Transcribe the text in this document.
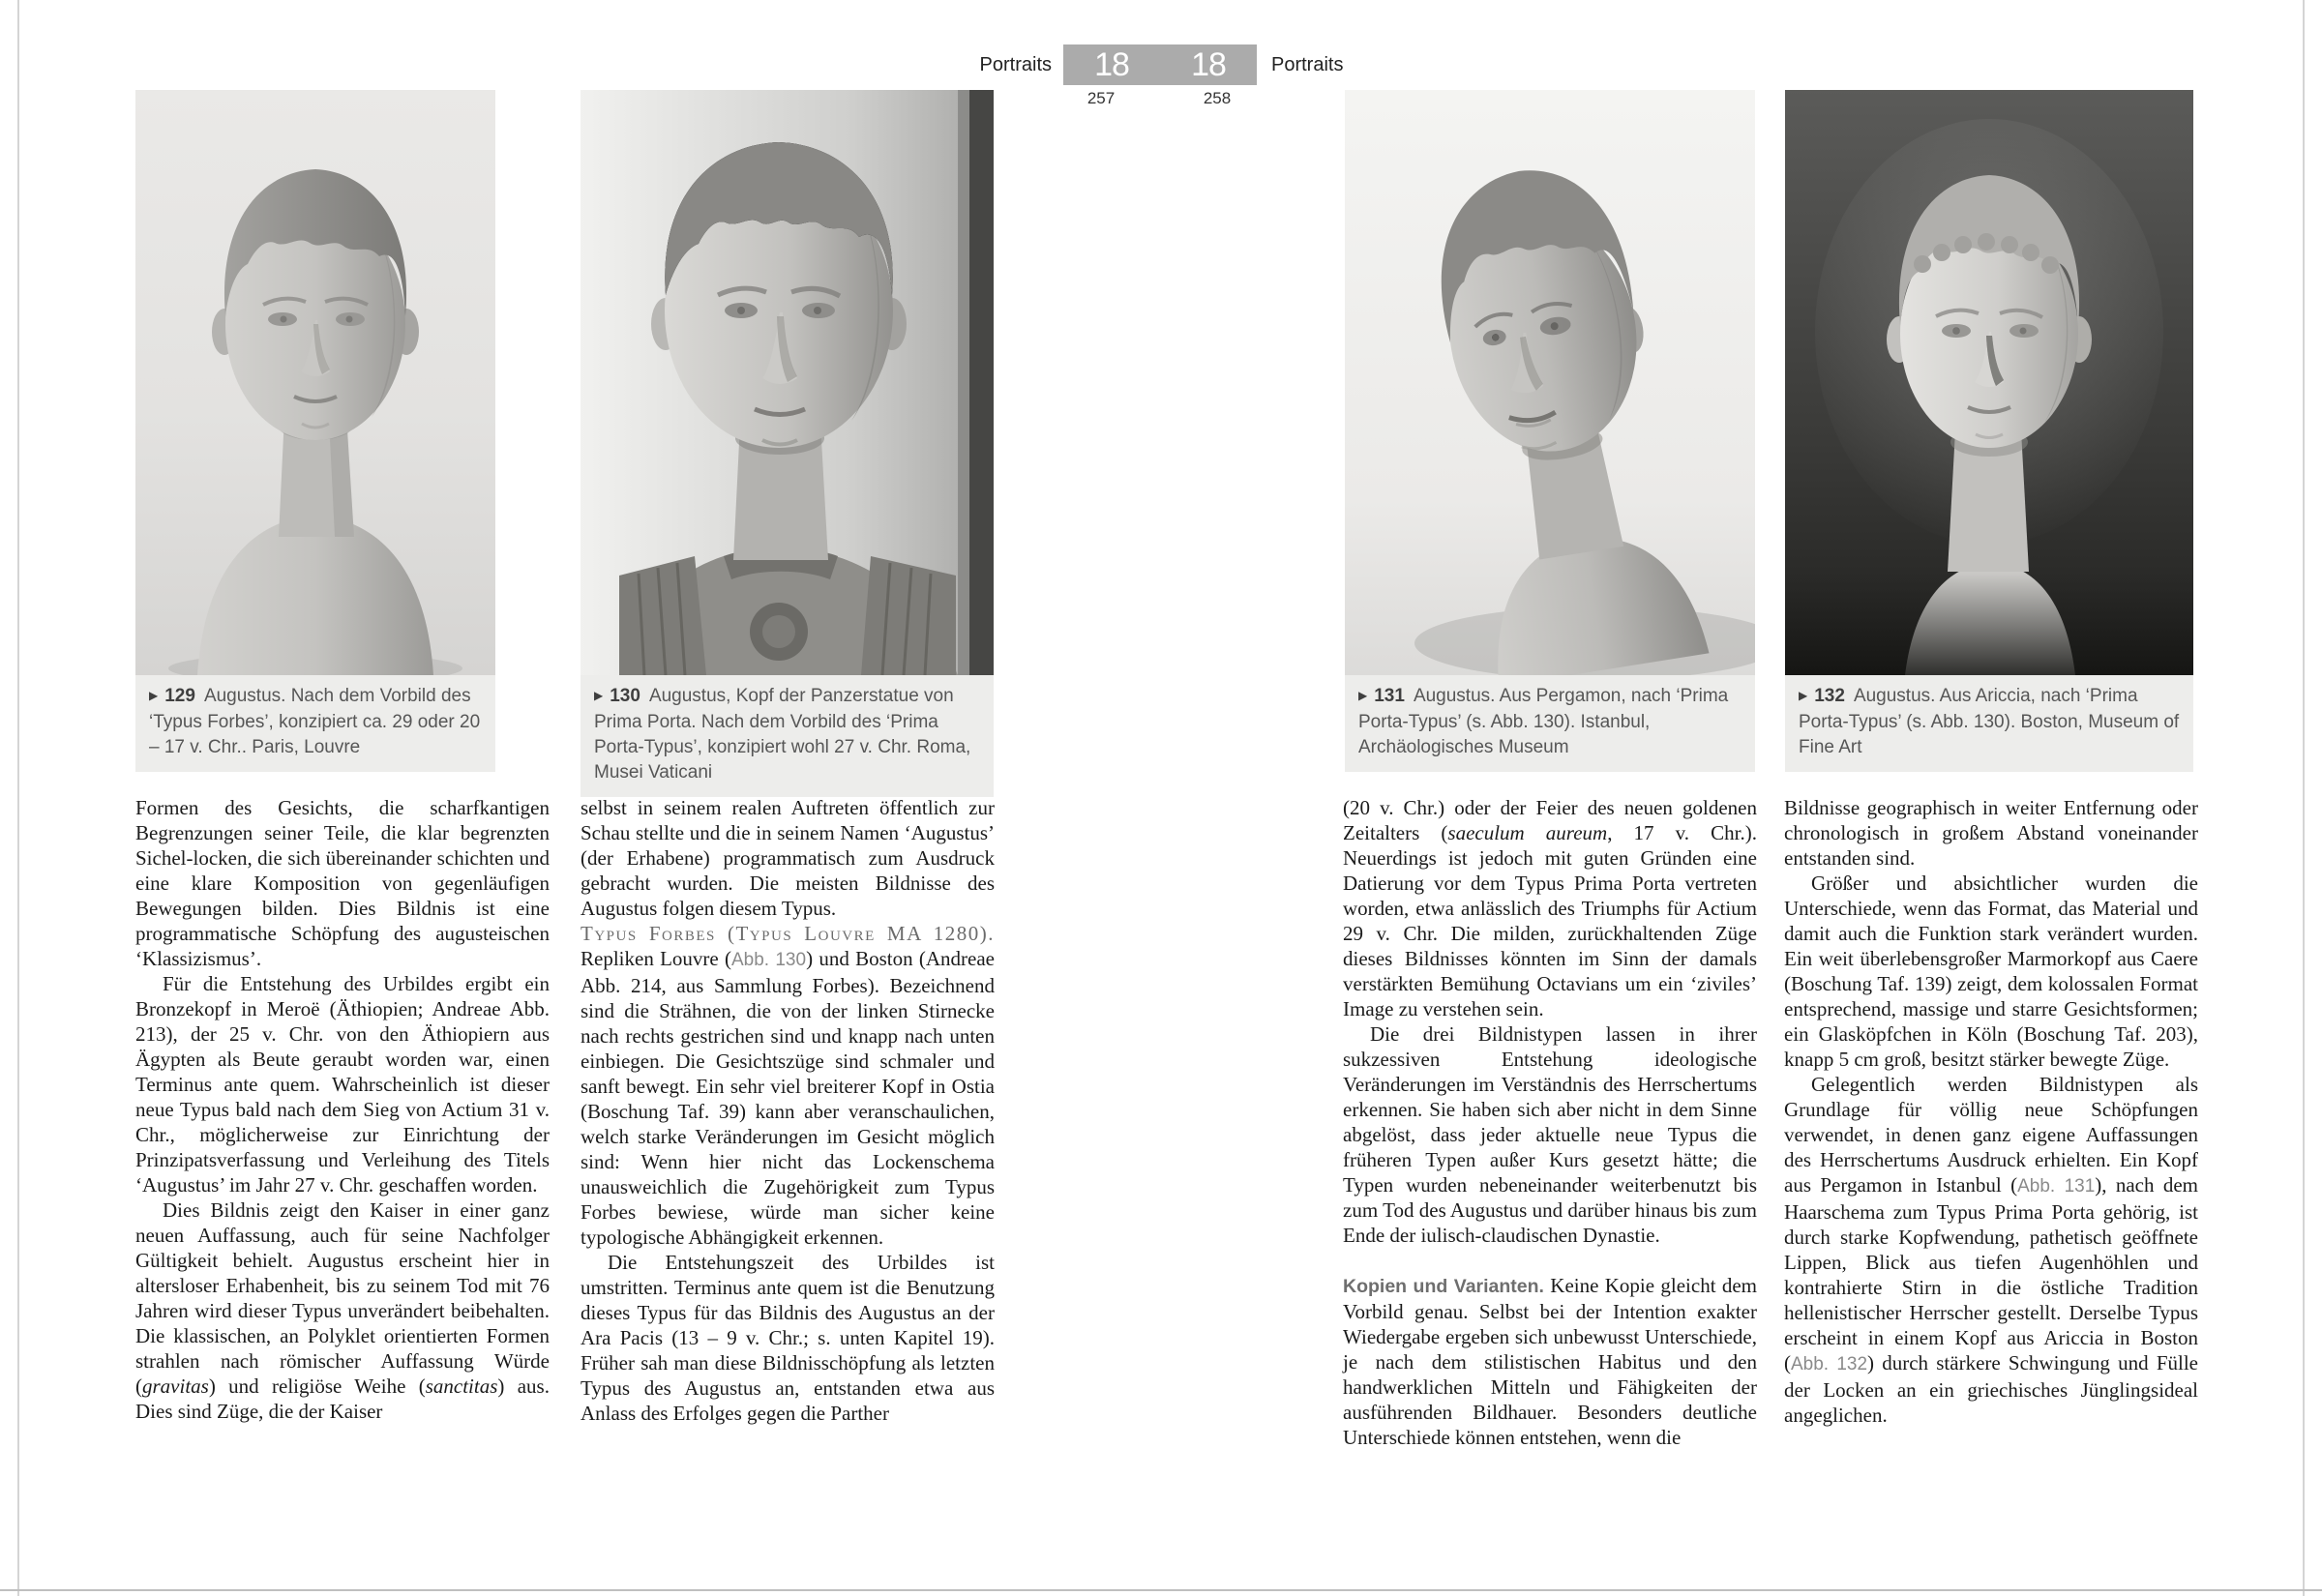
Portraits	18	18	Portraits
257	258
▶ 129 Augustus. Nach dem Vorbild des ‘Typus Forbes’, konzipiert ca. 29 oder 20 – 17 v. Chr.. Paris, Louvre
▶ 130 Augustus, Kopf der Panzerstatue von Prima Porta. Nach dem Vorbild des ‘Prima Porta-Typus’, konzipiert wohl 27 v. Chr. Roma, Musei Vaticani
▶ 131 Augustus. Aus Pergamon, nach ‘Prima Porta-Typus’ (s. Abb. 130). Istanbul, Archäologisches Museum
▶ 132 Augustus. Aus Ariccia, nach ‘Prima Porta-Typus’ (s. Abb. 130). Boston, Museum of Fine Art

Formen des Gesichts, die scharfkantigen Begrenzungen seiner Teile, die klar begrenzten Sichel-locken, die sich übereinander schichten und eine klare Komposition von gegenläufigen Bewegungen bilden. Dies Bildnis ist eine programmatische Schöpfung des augusteischen ‘Klassizismus’.

Für die Entstehung des Urbildes ergibt ein Bronzekopf in Meroë (Äthiopien; Andreae Abb. 213), der 25 v. Chr. von den Äthiopiern aus Ägypten als Beute geraubt worden war, einen Terminus ante quem. Wahrscheinlich ist dieser neue Typus bald nach dem Sieg von Actium 31 v. Chr., möglicherweise zur Einrichtung der Prinzipatsverfassung und Verleihung des Titels ‘Augustus’ im Jahr 27 v. Chr. geschaffen worden.

Dies Bildnis zeigt den Kaiser in einer ganz neuen Auffassung, auch für seine Nachfolger Gültigkeit behielt. Augustus erscheint hier in altersloser Erhabenheit, bis zu seinem Tod mit 76 Jahren wird dieser Typus unverändert beibehalten. Die klassischen, an Polyklet orientierten Formen strahlen nach römischer Auffassung Würde (gravitas) und religiöse Weihe (sanctitas) aus. Dies sind Züge, die der Kaiser

selbst in seinem realen Auftreten öffentlich zur Schau stellte und die in seinem Namen ‘Augustus’ (der Erhabene) programmatisch zum Ausdruck gebracht wurden. Die meisten Bildnisse des Augustus folgen diesem Typus.

Typus Forbes (Typus Louvre MA 1280). Repliken Louvre (Abb. 130) und Boston (Andreae Abb. 214, aus Sammlung Forbes). Bezeichnend sind die Strähnen, die von der linken Stirnecke nach rechts gestrichen sind und knapp nach unten einbiegen. Die Gesichtszüge sind schmaler und sanft bewegt. Ein sehr viel breiterer Kopf in Ostia (Boschung Taf. 39) kann aber veranschaulichen, welch starke Veränderungen im Gesicht möglich sind: Wenn hier nicht das Lockenschema unausweichlich die Zugehörigkeit zum Typus Forbes bewiese, würde man sicher keine typologische Abhängigkeit erkennen.

Die Entstehungszeit des Urbildes ist umstritten. Terminus ante quem ist die Benutzung dieses Typus für das Bildnis des Augustus an der Ara Pacis (13 – 9 v. Chr.; s. unten Kapitel 19). Früher sah man diese Bildnisschöpfung als letzten Typus des Augustus an, entstanden etwa aus Anlass des Erfolges gegen die Parther

(20 v. Chr.) oder der Feier des neuen goldenen Zeitalters (saeculum aureum, 17 v. Chr.). Neuerdings ist jedoch mit guten Gründen eine Datierung vor dem Typus Prima Porta vertreten worden, etwa anlässlich des Triumphs für Actium 29 v. Chr. Die milden, zurückhaltenden Züge dieses Bildnisses könnten im Sinn der damals verstärkten Bemühung Octavians um ein ‘ziviles’ Image zu verstehen sein.

Die drei Bildnistypen lassen in ihrer sukzessiven Entstehung ideologische Veränderungen im Verständnis des Herrschertums erkennen. Sie haben sich aber nicht in dem Sinne abgelöst, dass jeder aktuelle neue Typus die früheren Typen außer Kurs gesetzt hätte; die Typen wurden nebeneinander weiterbenutzt bis zum Tod des Augustus und darüber hinaus bis zum Ende der iulisch-claudischen Dynastie.

Kopien und Varianten. Keine Kopie gleicht dem Vorbild genau. Selbst bei der Intention exakter Wiedergabe ergeben sich unbewusst Unterschiede, je nach dem stilistischen Habitus und den handwerklichen Mitteln und Fähigkeiten der ausführenden Bildhauer. Besonders deutliche Unterschiede können entstehen, wenn die

Bildnisse geographisch in weiter Entfernung oder chronologisch in großem Abstand voneinander entstanden sind.

Größer und absichtlicher wurden die Unterschiede, wenn das Format, das Material und damit auch die Funktion stark verändert wurden. Ein weit überlebensgroßer Marmorkopf aus Caere (Boschung Taf. 139) zeigt, dem kolossalen Format entsprechend, massige und starre Gesichtsformen; ein Glasköpfchen in Köln (Boschung Taf. 203), knapp 5 cm groß, besitzt stärker bewegte Züge.

Gelegentlich werden Bildnistypen als Grundlage für völlig neue Schöpfungen verwendet, in denen ganz eigene Auffassungen des Herrschertums Ausdruck erhielten. Ein Kopf aus Pergamon in Istanbul (Abb. 131), nach dem Haarschema zum Typus Prima Porta gehörig, ist durch starke Kopfwendung, pathetisch geöffnete Lippen, Blick aus tiefen Augenhöhlen und kontrahierte Stirn in die östliche Tradition hellenistischer Herrscher gestellt. Derselbe Typus erscheint in einem Kopf aus Ariccia in Boston (Abb. 132) durch stärkere Schwingung und Fülle der Locken an ein griechisches Jünglingsideal angeglichen.
